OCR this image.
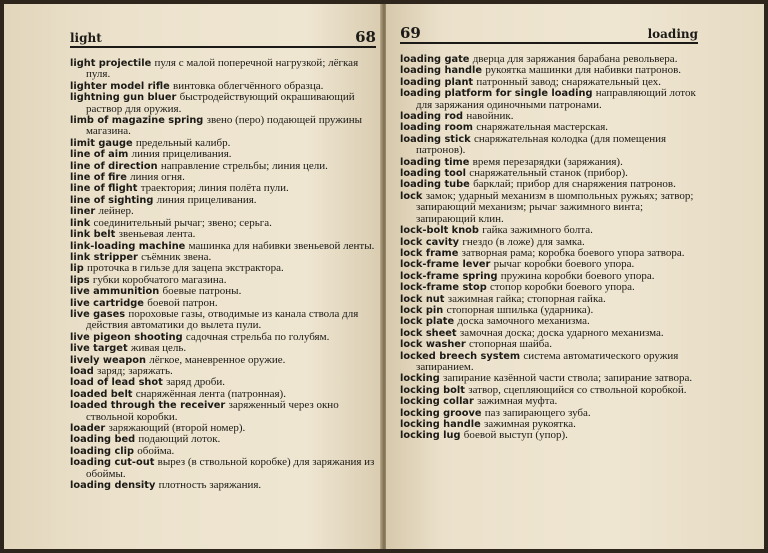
light	68

light projectile пуля с малой поперечной нагрузкой; лёгкая пуля.

lighter model rifle винтовка облегчённого образца.

lightning gun bluer быстродействующий окрашивающий раствор для оружия.

limb of magazine spring звено (перо) подающей пружины магазина.

limit gauge предельный калибр.

line of aim линия прицеливания.

line of direction направление стрельбы; линия цели.

line of fire линия огня.

line of flight траектория; линия полёта пули.

line of sighting линия прицеливания.

liner лейнер.

link соединительный рычаг; звено; серьга.

link belt звеньевая лента.

link-loading machine машинка для набивки звеньевой ленты.

link stripper съёмник звена.

lip проточка в гильзе для зацепа экстрактора.

lips губки коробчатого магазина.

live ammunition боевые патроны.

live cartridge боевой патрон.

live gases пороховые газы, отводимые из канала ствола для действия автоматики до вылета пули.

live pigeon shooting садочная стрельба по голубям.

live target живая цель.

lively weapon лёгкое, маневренное оружие.

load заряд; заряжать.

load of lead shot заряд дроби.

loaded belt снаряжённая лента (патронная).

loaded through the receiver заряженный через окно ствольной коробки.

loader заряжающий (второй номер).

loading bed подающий лоток.

loading clip обойма.

loading cut-out вырез (в ствольной коробке) для заряжания из обоймы.

loading density плотность заряжания.

69	loading

loading gate дверца для заряжания барабана револьвера.

loading handle рукоятка машинки для набивки патронов.

loading plant патронный завод; снаряжательный цех.

loading platform for single loading направляющий лоток для заряжания одиночными патронами.

loading rod навойник.

loading room снаряжательная мастерская.

loading stick снаряжательная колодка (для помещения патронов).

loading time время перезарядки (заряжания).

loading tool снаряжательный станок (прибор).

loading tube барклай; прибор для снаряжения патронов.

lock замок; ударный механизм в шомпольных ружьях; затвор; запирающий механизм; рычаг зажимного винта; запирающий клин.

lock-bolt knob гайка зажимного болта.

lock cavity гнездо (в ложе) для замка.

lock frame затворная рама; коробка боевого упора затвора.

lock-frame lever рычаг коробки боевого упора.

lock-frame spring пружина коробки боевого упора.

lock-frame stop стопор коробки боевого упора.

lock nut зажимная гайка; стопорная гайка.

lock pin стопорная шпилька (ударника).

lock plate доска замочного механизма.

lock sheet замочная доска; доска ударного механизма.

lock washer стопорная шайба.

locked breech system система автоматического оружия запиранием.

locking запирание казённой части ствола; запирание затвора.

locking bolt затвор, сцепляющийся со ствольной коробкой.

locking collar зажимная муфта.

locking groove паз запирающего зуба.

locking handle зажимная рукоятка.

locking lug боевой выступ (упор).
